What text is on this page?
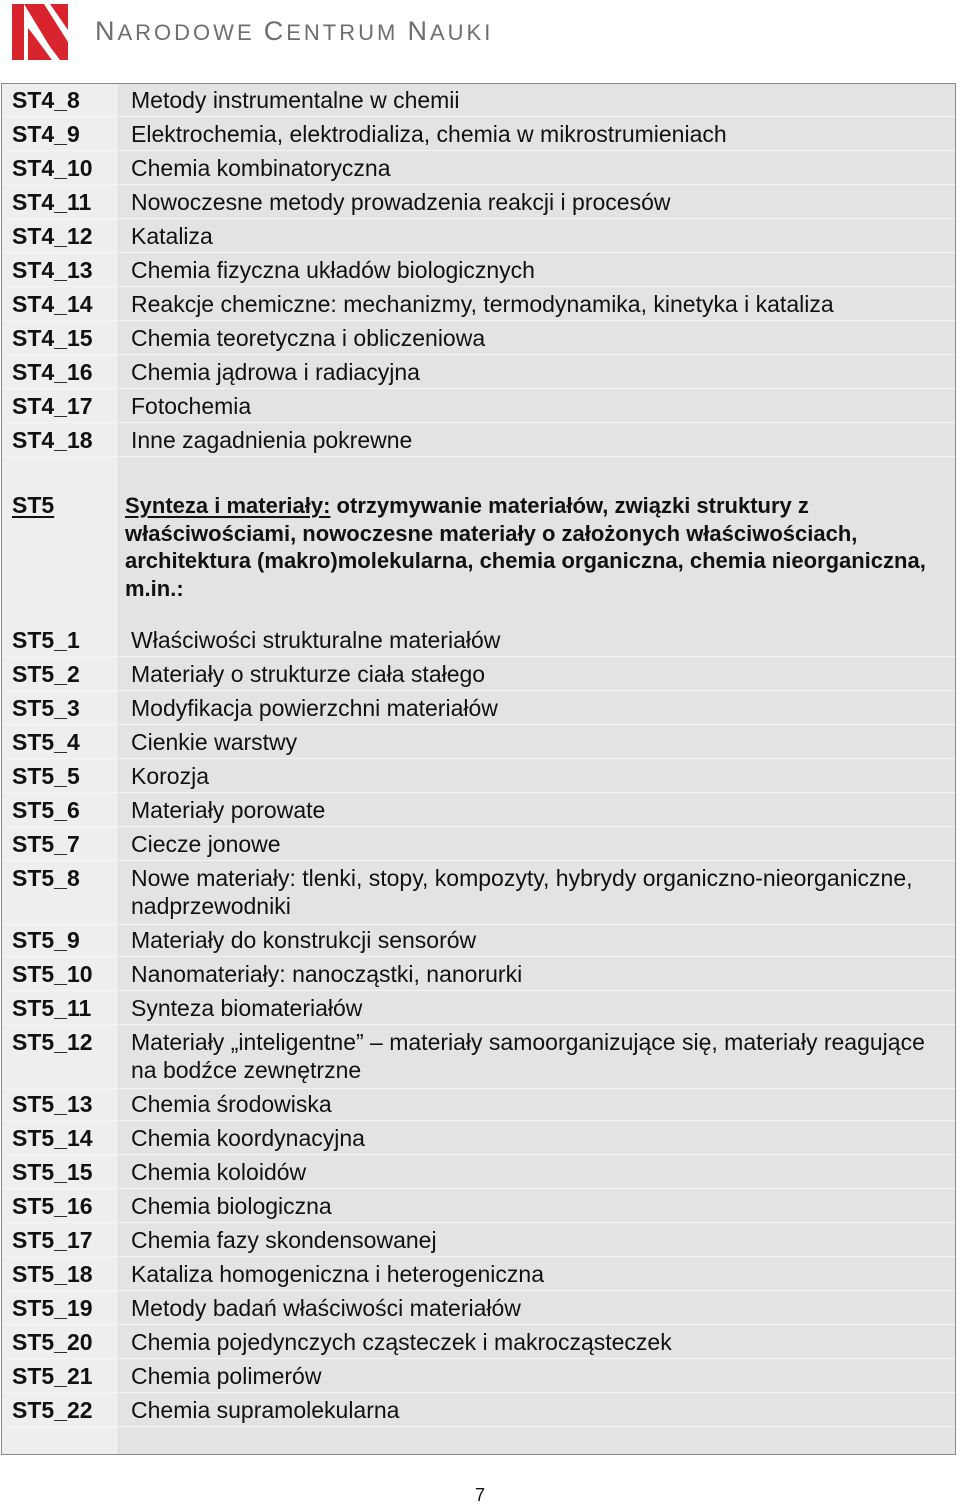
NARODOWE CENTRUM NAUKI
ST4_8 Metody instrumentalne w chemii
ST4_9 Elektrochemia, elektrodializa, chemia w mikrostrumieniach
ST4_10 Chemia kombinatoryczna
ST4_11 Nowoczesne metody prowadzenia reakcji i procesów
ST4_12 Kataliza
ST4_13 Chemia fizyczna układów biologicznych
ST4_14 Reakcje chemiczne: mechanizmy, termodynamika, kinetyka i kataliza
ST4_15 Chemia teoretyczna i obliczeniowa
ST4_16 Chemia jądrowa i radiacyjna
ST4_17 Fotochemia
ST4_18 Inne zagadnienia pokrewne
ST5	Synteza i materiały: otrzymywanie materiałów, związki struktury z właściwościami, nowoczesne materiały o założonych właściwościach, architektura (makro)molekularna, chemia organiczna, chemia nieorganiczna, m.in.:
ST5_1 Właściwości strukturalne materiałów
ST5_2 Materiały o strukturze ciała stałego
ST5_3 Modyfikacja powierzchni materiałów
ST5_4 Cienkie warstwy
ST5_5 Korozja
ST5_6 Materiały porowate
ST5_7 Ciecze jonowe
ST5_8 Nowe materiały: tlenki, stopy, kompozyty, hybrydy organiczno-nieorganiczne, nadprzewodniki
ST5_9 Materiały do konstrukcji sensorów
ST5_10 Nanomateriały: nanocząstki, nanorurki
ST5_11 Synteza biomateriałów
ST5_12 Materiały „inteligentne” – materiały samoorganizujące się, materiały reagujące na bodźce zewnętrzne
ST5_13 Chemia środowiska
ST5_14 Chemia koordynacyjna
ST5_15 Chemia koloidów
ST5_16 Chemia biologiczna
ST5_17 Chemia fazy skondensowanej
ST5_18 Kataliza homogeniczna i heterogeniczna
ST5_19 Metody badań właściwości materiałów
ST5_20 Chemia pojedynczych cząsteczek i makrocząsteczek
ST5_21 Chemia polimerów
ST5_22 Chemia supramolekularna
7
